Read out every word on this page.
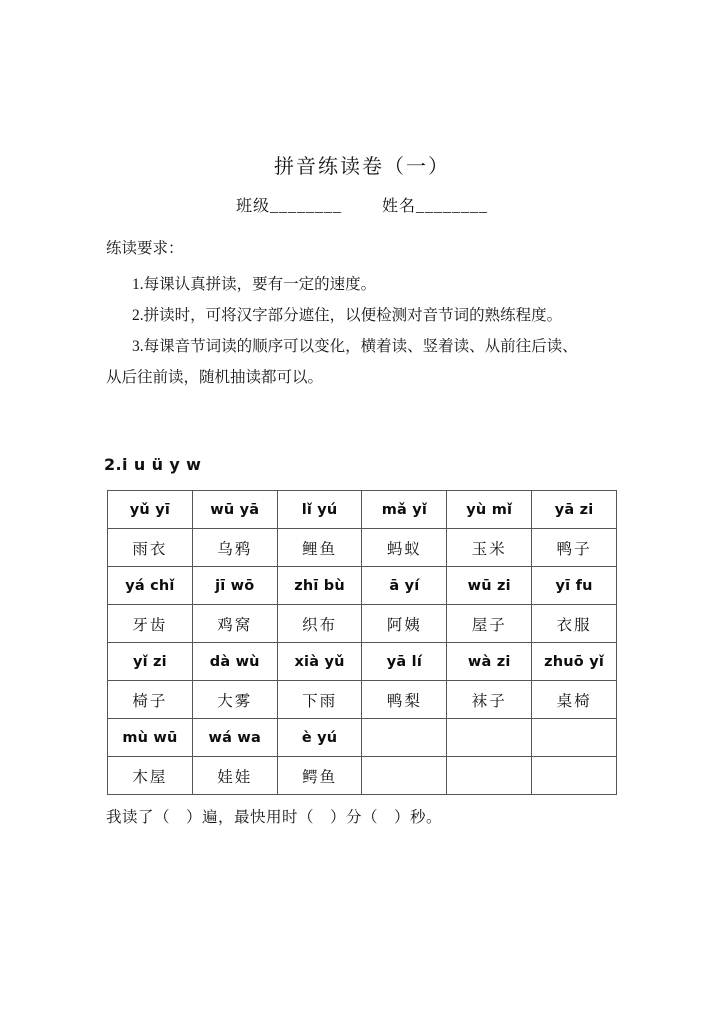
拼音练读卷（一）
班级________        姓名________

练读要求：

1.每课认真拼读，要有一定的速度。

2.拼读时，可将汉字部分遮住，以便检测对音节词的熟练程度。

3.每课音节词读的顺序可以变化，横着读、竖着读、从前往后读、

从后往前读，随机抽读都可以。

2.i u ü y w
yǔ yī	wū yā	lǐ yú	mǎ yǐ	yù mǐ	yā zi
雨衣	乌鸦	鲤鱼	蚂蚁	玉米	鸭子
yá chǐ	jī wō	zhī bù	ā yí	wū zi	yī fu
牙齿	鸡窝	织布	阿姨	屋子	衣服
yǐ zi	dà wù	xià yǔ	yā lí	wà zi	zhuō yǐ
椅子	大雾	下雨	鸭梨	袜子	桌椅
mù wū	wá wa	è yú			
木屋	娃娃	鳄鱼			
我读了（　）遍，最快用时（　）分（　）秒。
